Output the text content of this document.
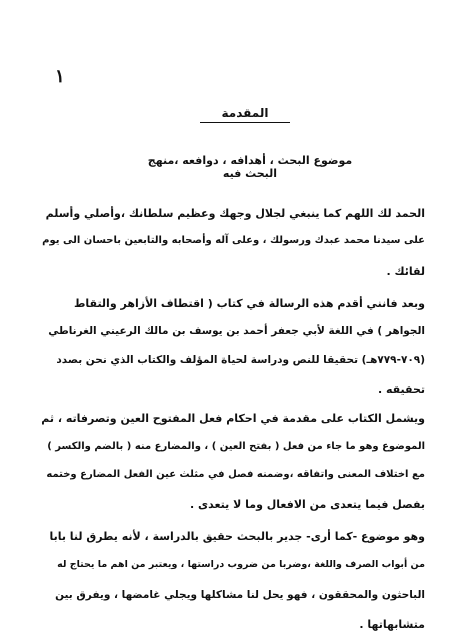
١
المقدمة
موضوع البحث ، أهدافه ، دوافعه ،منهج البحث فيه
الحمد لك اللهم كما ينبغي لجلال وجهك وعظيم سلطانك ،وأصلي وأسلم
على سيدنا محمد عبدك ورسولك ، وعلى آله وأصحابه والتابعين باحسان الى يوم
لقائك .
وبعد فانني أقدم هذه الرسالة في كتاب ( اقتطاف الأزاهر والتقاط
الجواهر ) في اللغة لأبي جعفر أحمد بن يوسف بن مالك الرعيني الغرناطي
(٧٠٩-٧٧٩هـ) تحقيقا للنص ودراسة لحياة المؤلف والكتاب الذي نحن بصدد
تحقيقه .
ويشمل الكتاب على مقدمة في احكام فعل المفتوح العين وتصرفاته ، ثم
الموضوع وهو ما جاء من فعل ( بفتح العين ) ، والمضارع منه ( بالضم والكسر )
مع اختلاف المعنى واتفاقه ،وضمنه فصل في مثلث عين الفعل المضارع وختمه
بفصل فيما يتعدى من الافعال وما لا يتعدى .
وهو موضوع -كما أرى- جدير بالبحث حقيق بالدراسة ، لأنه يطرق لنا بابا
من أبواب الصرف واللغة ،وضربا من ضروب دراستها ، ويعتبر من اهم ما يحتاج له
الباحثون والمحققون ، فهو يحل لنا مشاكلها ويجلي غامضها ، ويفرق بين
متشابهاتها .
